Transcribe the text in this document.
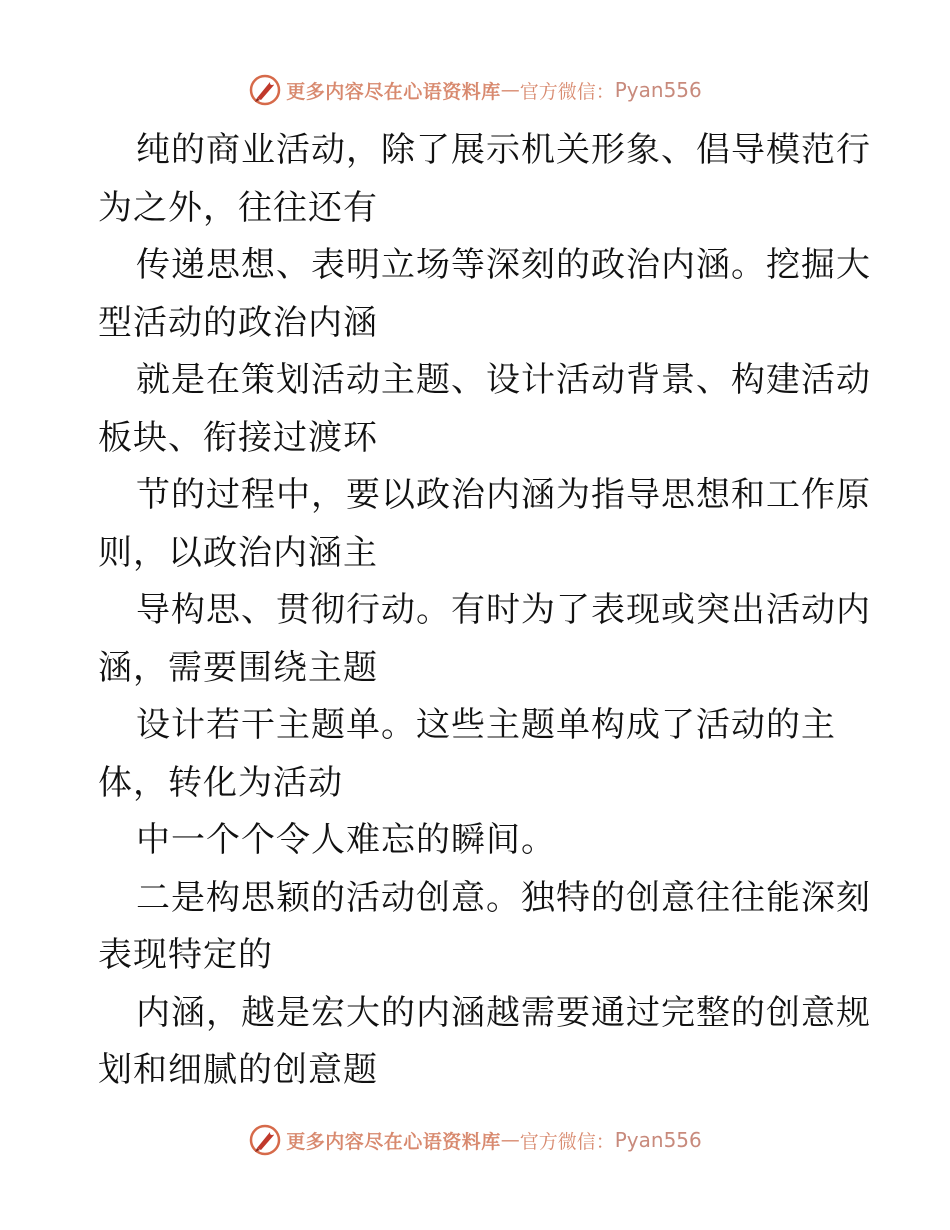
更多内容尽在心语资料库 — 官方微信： Pyan556
纯的商业活动，除了展示机关形象、倡导模范行
为之外，往往还有
传递思想、表明立场等深刻的政治内涵。挖掘大
型活动的政治内涵
就是在策划活动主题、设计活动背景、构建活动
板块、衔接过渡环
节的过程中，要以政治内涵为指导思想和工作原
则，以政治内涵主
导构思、贯彻行动。有时为了表现或突出活动内
涵，需要围绕主题
设计若干主题单。这些主题单构成了活动的主
体，转化为活动
中一个个令人难忘的瞬间。
二是构思颖的活动创意。独特的创意往往能深刻
表现特定的
内涵，越是宏大的内涵越需要通过完整的创意规
划和细腻的创意题
更多内容尽在心语资料库 — 官方微信： Pyan556
